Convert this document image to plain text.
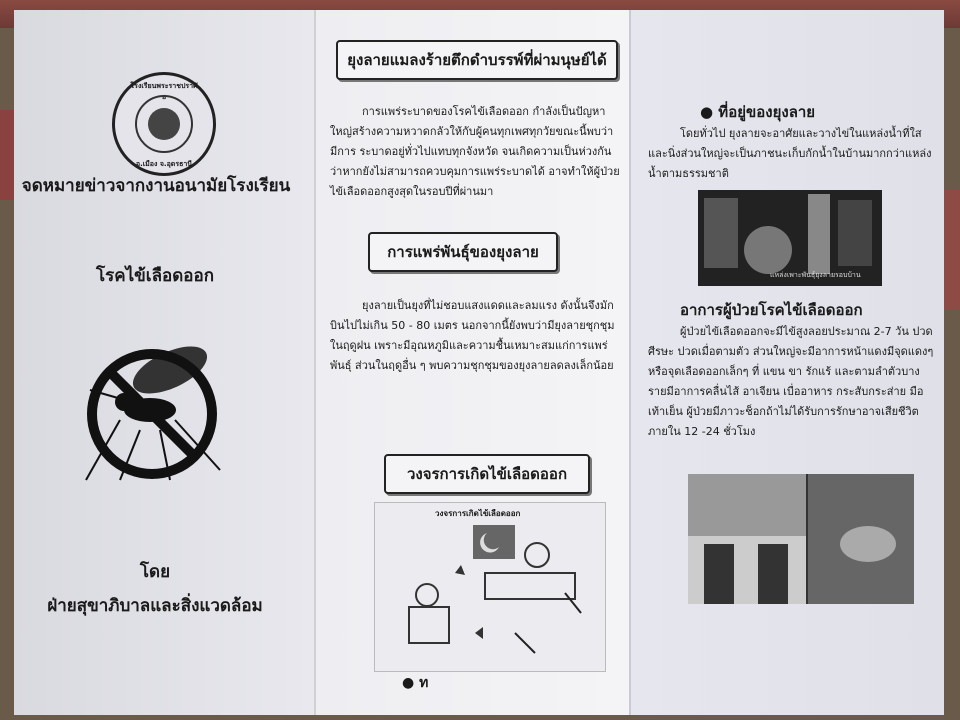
โรงเรียนพระราชปราศัย
อ.เมือง จ.อุดรธานี
จดหมายข่าวจากงานอนามัยโรงเรียน
โรคไข้เลือดออก
โดย
ฝ่ายสุขาภิบาลและสิ่งแวดล้อม
ยุงลายแมลงร้ายตึกดำบรรพ์ที่ผ่ามนุษย์ได้
การแพร่ระบาดของโรคไข้เลือดออก กำลังเป็นปัญหาใหญ่สร้างความหวาดกลัวให้กับผู้คนทุกเพศทุกวัยขณะนี้พบว่ามีการ ระบาดอยู่ทั่วไปแทบทุกจังหวัด จนเกิดความเป็นห่วงกันว่าหากยังไม่สามารถควบคุมการแพร่ระบาดได้ อาจทำให้ผู้ป่วยไข้เลือดออกสูงสุดในรอบปีที่ผ่านมา
การแพร่พันธุ์ของยุงลาย
ยุงลายเป็นยุงที่ไม่ชอบแสงแดดและลมแรง ดังนั้นจึงมักบินไปไม่เกิน 50 - 80 เมตร นอกจากนี้ยังพบว่ามียุงลายชุกชุมในฤดูฝน เพราะมีอุณหภูมิและความชื้นเหมาะสมแก่การแพร่พันธุ์ ส่วนในฤดูอื่น ๆ พบความชุกชุมของยุงลายลดลงเล็กน้อย
วงจรการเกิดไข้เลือดออก
วงจรการเกิดไข้เลือดออก
● ท
● ที่อยู่ของยุงลาย
โดยทั่วไป ยุงลายจะอาศัยและวางไข่ในแหล่งน้ำที่ใสและนิ่งส่วนใหญ่จะเป็นภาชนะเก็บกักน้ำในบ้านมากกว่าแหล่งน้ำตามธรรมชาติ
แหล่งเพาะพันธุ์ยุงลายรอบบ้าน
อาการผู้ป่วยโรคไข้เลือดออก
ผู้ป่วยไข้เลือดออกจะมีไข้สูงลอยประมาณ 2-7 วัน ปวดศีรษะ ปวดเมื่อตามตัว ส่วนใหญ่จะมีอาการหน้าแดงมีจุดแดงๆ หรือจุดเลือดออกเล็กๆ ที่ แขน ขา รักแร้ และตามลำตัวบางรายมีอาการคลื่นไส้ อาเจียน เบื่ออาหาร กระสับกระส่าย มือเท้าเย็น ผู้ป่วยมีภาวะช็อกถ้าไม่ได้รับการรักษาอาจเสียชีวิตภายใน 12 -24 ชั่วโมง
